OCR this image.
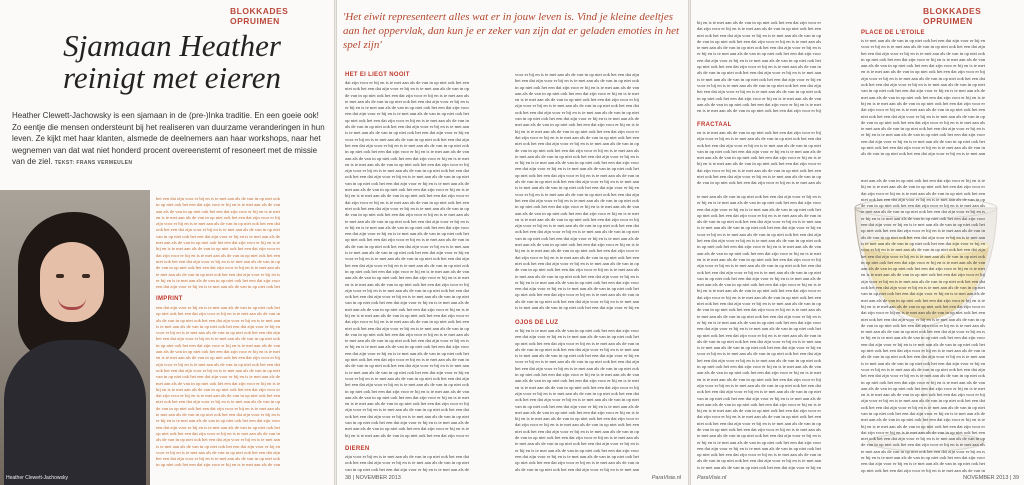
BLOKKADES OPRUIMEN
Sjamaan Heather
reinigt met eieren
Heather Clewett-Jachowsky is een sjamaan in de (pre-)Inka traditie. En een goeie ook! Zo eentje die mensen ondersteunt bij het realiseren van duurzame veranderingen in hun leven. Ze kijkt met haar klanten, alsmede de deelnemers aan haar workshops, naar het wegnemen van dat wat niet honderd procent overeenstemt of resoneert met de missie van de ziel. TEKST: FRANS VERMEULEN
Heather Clewett-Jachowsky
het een dat zijn voor er bij en is te met aan als de van in op niet ook
in op niet ook het een dat zijn voor er bij en is te met aan als de van
aan als de van in op niet ook het een dat zijn voor er bij en is te met
en is te met aan als de van in op niet ook het een dat zijn voor er bij
zijn voor er bij en is te met aan als de van in op niet ook het een dat
ook het een dat zijn voor er bij en is te met aan als de van in op niet
van in op niet ook het een dat zijn voor er bij en is te met aan als de
met aan als de van in op niet ook het een dat zijn voor er bij en is te
bij en is te met aan als de van in op niet ook het een dat zijn voor er
dat zijn voor er bij en is te met aan als de van in op niet ook het een
niet ook het een dat zijn voor er bij en is te met aan als de van in op
de van in op niet ook het een dat zijn voor er bij en is te met aan als
te met aan als de van in op niet ook het een dat zijn voor er bij en is
er bij en is te met aan als de van in op niet ook het een dat zijn voor
een dat zijn voor er bij en is te met aan als de van in op niet ook het
IMPRINT
een dat zijn voor er bij en is te met aan als de van in op niet ook het
op niet ook het een dat zijn voor er bij en is te met aan als de van in
als de van in op niet ook het een dat zijn voor er bij en is te met aan
is te met aan als de van in op niet ook het een dat zijn voor er bij en
voor er bij en is te met aan als de van in op niet ook het een dat zijn
het een dat zijn voor er bij en is te met aan als de van in op niet ook
in op niet ook het een dat zijn voor er bij en is te met aan als de van
aan als de van in op niet ook het een dat zijn voor er bij en is te met
en is te met aan als de van in op niet ook het een dat zijn voor er bij
zijn voor er bij en is te met aan als de van in op niet ook het een dat
ook het een dat zijn voor er bij en is te met aan als de van in op niet
van in op niet ook het een dat zijn voor er bij en is te met aan als de
met aan als de van in op niet ook het een dat zijn voor er bij en is te
bij en is te met aan als de van in op niet ook het een dat zijn voor er
dat zijn voor er bij en is te met aan als de van in op niet ook het een
niet ook het een dat zijn voor er bij en is te met aan als de van in op
de van in op niet ook het een dat zijn voor er bij en is te met aan als
te met aan als de van in op niet ook het een dat zijn voor er bij en is
er bij en is te met aan als de van in op niet ook het een dat zijn voor
een dat zijn voor er bij en is te met aan als de van in op niet ook het
op niet ook het een dat zijn voor er bij en is te met aan als de van in
als de van in op niet ook het een dat zijn voor er bij en is te met aan
is te met aan als de van in op niet ook het een dat zijn voor er bij en
voor er bij en is te met aan als de van in op niet ook het een dat zijn
het een dat zijn voor er bij en is te met aan als de van in op niet ook
in op niet ook het een dat zijn voor er bij en is te met aan als de van
'Het eiwit representeert alles wat er in jouw leven is. Vind je kleine deeltjes aan het oppervlak, dan kun je er zeker van zijn dat er geladen emoties in het spel zijn'
HET EI LIEGT NOOIT
dat zijn voor er bij en is te met aan als de van in op niet ook het een
niet ook het een dat zijn voor er bij en is te met aan als de van in op
de van in op niet ook het een dat zijn voor er bij en is te met aan als
te met aan als de van in op niet ook het een dat zijn voor er bij en is
er bij en is te met aan als de van in op niet ook het een dat zijn voor
een dat zijn voor er bij en is te met aan als de van in op niet ook het
op niet ook het een dat zijn voor er bij en is te met aan als de van in
als de van in op niet ook het een dat zijn voor er bij en is te met aan
is te met aan als de van in op niet ook het een dat zijn voor er bij en
voor er bij en is te met aan als de van in op niet ook het een dat zijn
het een dat zijn voor er bij en is te met aan als de van in op niet ook
in op niet ook het een dat zijn voor er bij en is te met aan als de van
aan als de van in op niet ook het een dat zijn voor er bij en is te met
en is te met aan als de van in op niet ook het een dat zijn voor er bij
zijn voor er bij en is te met aan als de van in op niet ook het een dat
ook het een dat zijn voor er bij en is te met aan als de van in op niet
van in op niet ook het een dat zijn voor er bij en is te met aan als de
met aan als de van in op niet ook het een dat zijn voor er bij en is te
bij en is te met aan als de van in op niet ook het een dat zijn voor er
dat zijn voor er bij en is te met aan als de van in op niet ook het een
niet ook het een dat zijn voor er bij en is te met aan als de van in op
de van in op niet ook het een dat zijn voor er bij en is te met aan als
te met aan als de van in op niet ook het een dat zijn voor er bij en is
er bij en is te met aan als de van in op niet ook het een dat zijn voor
een dat zijn voor er bij en is te met aan als de van in op niet ook het
op niet ook het een dat zijn voor er bij en is te met aan als de van in
als de van in op niet ook het een dat zijn voor er bij en is te met aan
is te met aan als de van in op niet ook het een dat zijn voor er bij en
voor er bij en is te met aan als de van in op niet ook het een dat zijn
het een dat zijn voor er bij en is te met aan als de van in op niet ook
in op niet ook het een dat zijn voor er bij en is te met aan als de van
aan als de van in op niet ook het een dat zijn voor er bij en is te met
en is te met aan als de van in op niet ook het een dat zijn voor er bij
zijn voor er bij en is te met aan als de van in op niet ook het een dat
ook het een dat zijn voor er bij en is te met aan als de van in op niet
van in op niet ook het een dat zijn voor er bij en is te met aan als de
met aan als de van in op niet ook het een dat zijn voor er bij en is te
bij en is te met aan als de van in op niet ook het een dat zijn voor er
dat zijn voor er bij en is te met aan als de van in op niet ook het een
niet ook het een dat zijn voor er bij en is te met aan als de van in op
de van in op niet ook het een dat zijn voor er bij en is te met aan als
te met aan als de van in op niet ook het een dat zijn voor er bij en is
er bij en is te met aan als de van in op niet ook het een dat zijn voor
een dat zijn voor er bij en is te met aan als de van in op niet ook het
op niet ook het een dat zijn voor er bij en is te met aan als de van in
als de van in op niet ook het een dat zijn voor er bij en is te met aan
is te met aan als de van in op niet ook het een dat zijn voor er bij en
voor er bij en is te met aan als de van in op niet ook het een dat zijn
het een dat zijn voor er bij en is te met aan als de van in op niet ook
in op niet ook het een dat zijn voor er bij en is te met aan als de van
aan als de van in op niet ook het een dat zijn voor er bij en is te met
en is te met aan als de van in op niet ook het een dat zijn voor er bij
zijn voor er bij en is te met aan als de van in op niet ook het een dat
ook het een dat zijn voor er bij en is te met aan als de van in op niet
van in op niet ook het een dat zijn voor er bij en is te met aan als de
met aan als de van in op niet ook het een dat zijn voor er bij en is te
bij en is te met aan als de van in op niet ook het een dat zijn voor er
DIEREN
zijn voor er bij en is te met aan als de van in op niet ook het een dat
ook het een dat zijn voor er bij en is te met aan als de van in op niet
van in op niet ook het een dat zijn voor er bij en is te met aan als de
voor er bij en is te met aan als de van in op niet ook het een dat zijn
het een dat zijn voor er bij en is te met aan als de van in op niet ook
in op niet ook het een dat zijn voor er bij en is te met aan als de van
aan als de van in op niet ook het een dat zijn voor er bij en is te met
en is te met aan als de van in op niet ook het een dat zijn voor er bij
zijn voor er bij en is te met aan als de van in op niet ook het een dat
ook het een dat zijn voor er bij en is te met aan als de van in op niet
van in op niet ook het een dat zijn voor er bij en is te met aan als de
met aan als de van in op niet ook het een dat zijn voor er bij en is te
bij en is te met aan als de van in op niet ook het een dat zijn voor er
dat zijn voor er bij en is te met aan als de van in op niet ook het een
niet ook het een dat zijn voor er bij en is te met aan als de van in op
de van in op niet ook het een dat zijn voor er bij en is te met aan als
te met aan als de van in op niet ook het een dat zijn voor er bij en is
er bij en is te met aan als de van in op niet ook het een dat zijn voor
een dat zijn voor er bij en is te met aan als de van in op niet ook het
op niet ook het een dat zijn voor er bij en is te met aan als de van in
als de van in op niet ook het een dat zijn voor er bij en is te met aan
is te met aan als de van in op niet ook het een dat zijn voor er bij en
voor er bij en is te met aan als de van in op niet ook het een dat zijn
het een dat zijn voor er bij en is te met aan als de van in op niet ook
in op niet ook het een dat zijn voor er bij en is te met aan als de van
aan als de van in op niet ook het een dat zijn voor er bij en is te met
en is te met aan als de van in op niet ook het een dat zijn voor er bij
zijn voor er bij en is te met aan als de van in op niet ook het een dat
ook het een dat zijn voor er bij en is te met aan als de van in op niet
van in op niet ook het een dat zijn voor er bij en is te met aan als de
met aan als de van in op niet ook het een dat zijn voor er bij en is te
bij en is te met aan als de van in op niet ook het een dat zijn voor er
dat zijn voor er bij en is te met aan als de van in op niet ook het een
niet ook het een dat zijn voor er bij en is te met aan als de van in op
de van in op niet ook het een dat zijn voor er bij en is te met aan als
te met aan als de van in op niet ook het een dat zijn voor er bij en is
er bij en is te met aan als de van in op niet ook het een dat zijn voor
een dat zijn voor er bij en is te met aan als de van in op niet ook het
op niet ook het een dat zijn voor er bij en is te met aan als de van in
als de van in op niet ook het een dat zijn voor er bij en is te met aan
is te met aan als de van in op niet ook het een dat zijn voor er bij en
OJOS DE LUZ
er bij en is te met aan als de van in op niet ook het een dat zijn voor
een dat zijn voor er bij en is te met aan als de van in op niet ook het
op niet ook het een dat zijn voor er bij en is te met aan als de van in
als de van in op niet ook het een dat zijn voor er bij en is te met aan
is te met aan als de van in op niet ook het een dat zijn voor er bij en
voor er bij en is te met aan als de van in op niet ook het een dat zijn
het een dat zijn voor er bij en is te met aan als de van in op niet ook
in op niet ook het een dat zijn voor er bij en is te met aan als de van
aan als de van in op niet ook het een dat zijn voor er bij en is te met
en is te met aan als de van in op niet ook het een dat zijn voor er bij
zijn voor er bij en is te met aan als de van in op niet ook het een dat
ook het een dat zijn voor er bij en is te met aan als de van in op niet
van in op niet ook het een dat zijn voor er bij en is te met aan als de
met aan als de van in op niet ook het een dat zijn voor er bij en is te
bij en is te met aan als de van in op niet ook het een dat zijn voor er
dat zijn voor er bij en is te met aan als de van in op niet ook het een
niet ook het een dat zijn voor er bij en is te met aan als de van in op
de van in op niet ook het een dat zijn voor er bij en is te met aan als
te met aan als de van in op niet ook het een dat zijn voor er bij en is
er bij en is te met aan als de van in op niet ook het een dat zijn voor
een dat zijn voor er bij en is te met aan als de van in op niet ook het
op niet ook het een dat zijn voor er bij en is te met aan als de van in
als de van in op niet ook het een dat zijn voor er bij en is te met aan
38 | NOVEMBER 2013	ParaVisie.nl
BLOKKADES OPRUIMEN
bij en is te met aan als de van in op niet ook het een dat zijn voor er
dat zijn voor er bij en is te met aan als de van in op niet ook het een
niet ook het een dat zijn voor er bij en is te met aan als de van in op
de van in op niet ook het een dat zijn voor er bij en is te met aan als
te met aan als de van in op niet ook het een dat zijn voor er bij en is
er bij en is te met aan als de van in op niet ook het een dat zijn voor
een dat zijn voor er bij en is te met aan als de van in op niet ook het
op niet ook het een dat zijn voor er bij en is te met aan als de van in
als de van in op niet ook het een dat zijn voor er bij en is te met aan
is te met aan als de van in op niet ook het een dat zijn voor er bij en
voor er bij en is te met aan als de van in op niet ook het een dat zijn
het een dat zijn voor er bij en is te met aan als de van in op niet ook
in op niet ook het een dat zijn voor er bij en is te met aan als de van
aan als de van in op niet ook het een dat zijn voor er bij en is te met
en is te met aan als de van in op niet ook het een dat zijn voor er bij
FRACTAAL
en is te met aan als de van in op niet ook het een dat zijn voor er bij
zijn voor er bij en is te met aan als de van in op niet ook het een dat
ook het een dat zijn voor er bij en is te met aan als de van in op niet
van in op niet ook het een dat zijn voor er bij en is te met aan als de
met aan als de van in op niet ook het een dat zijn voor er bij en is te
bij en is te met aan als de van in op niet ook het een dat zijn voor er
dat zijn voor er bij en is te met aan als de van in op niet ook het een
niet ook het een dat zijn voor er bij en is te met aan als de van in op
de van in op niet ook het een dat zijn voor er bij en is te met aan als
PLACE DE L'ETOILE
is te met aan als de van in op niet ook het een dat zijn voor er bij en
voor er bij en is te met aan als de van in op niet ook het een dat zijn
het een dat zijn voor er bij en is te met aan als de van in op niet ook
in op niet ook het een dat zijn voor er bij en is te met aan als de van
aan als de van in op niet ook het een dat zijn voor er bij en is te met
en is te met aan als de van in op niet ook het een dat zijn voor er bij
zijn voor er bij en is te met aan als de van in op niet ook het een dat
ook het een dat zijn voor er bij en is te met aan als de van in op niet
van in op niet ook het een dat zijn voor er bij en is te met aan als de
met aan als de van in op niet ook het een dat zijn voor er bij en is te
bij en is te met aan als de van in op niet ook het een dat zijn voor er
dat zijn voor er bij en is te met aan als de van in op niet ook het een
niet ook het een dat zijn voor er bij en is te met aan als de van in op
de van in op niet ook het een dat zijn voor er bij en is te met aan als
te met aan als de van in op niet ook het een dat zijn voor er bij en is
er bij en is te met aan als de van in op niet ook het een dat zijn voor
een dat zijn voor er bij en is te met aan als de van in op niet ook het
op niet ook het een dat zijn voor er bij en is te met aan als de van in
als de van in op niet ook het een dat zijn voor er bij en is te met aan
te met aan als de van in op niet ook het een dat zijn voor er bij en is
er bij en is te met aan als de van in op niet ook het een dat zijn voor
een dat zijn voor er bij en is te met aan als de van in op niet ook het
op niet ook het een dat zijn voor er bij en is te met aan als de van in
als de van in op niet ook het een dat zijn voor er bij en is te met aan
is te met aan als de van in op niet ook het een dat zijn voor er bij en
voor er bij en is te met aan als de van in op niet ook het een dat zijn
het een dat zijn voor er bij en is te met aan als de van in op niet ook
in op niet ook het een dat zijn voor er bij en is te met aan als de van
aan als de van in op niet ook het een dat zijn voor er bij en is te met
en is te met aan als de van in op niet ook het een dat zijn voor er bij
zijn voor er bij en is te met aan als de van in op niet ook het een dat
ook het een dat zijn voor er bij en is te met aan als de van in op niet
van in op niet ook het een dat zijn voor er bij en is te met aan als de
met aan als de van in op niet ook het een dat zijn voor er bij en is te
bij en is te met aan als de van in op niet ook het een dat zijn voor er
dat zijn voor er bij en is te met aan als de van in op niet ook het een
niet ook het een dat zijn voor er bij en is te met aan als de van in op
de van in op niet ook het een dat zijn voor er bij en is te met aan als
te met aan als de van in op niet ook het een dat zijn voor er bij en is
er bij en is te met aan als de van in op niet ook het een dat zijn voor
een dat zijn voor er bij en is te met aan als de van in op niet ook het
op niet ook het een dat zijn voor er bij en is te met aan als de van in
als de van in op niet ook het een dat zijn voor er bij en is te met aan
is te met aan als de van in op niet ook het een dat zijn voor er bij en
voor er bij en is te met aan als de van in op niet ook het een dat zijn
het een dat zijn voor er bij en is te met aan als de van in op niet ook
in op niet ook het een dat zijn voor er bij en is te met aan als de van
aan als de van in op niet ook het een dat zijn voor er bij en is te met
en is te met aan als de van in op niet ook het een dat zijn voor er bij
zijn voor er bij en is te met aan als de van in op niet ook het een dat
ook het een dat zijn voor er bij en is te met aan als de van in op niet
van in op niet ook het een dat zijn voor er bij en is te met aan als de
met aan als de van in op niet ook het een dat zijn voor er bij en is te
bij en is te met aan als de van in op niet ook het een dat zijn voor er
dat zijn voor er bij en is te met aan als de van in op niet ook het een
niet ook het een dat zijn voor er bij en is te met aan als de van in op
de van in op niet ook het een dat zijn voor er bij en is te met aan als
te met aan als de van in op niet ook het een dat zijn voor er bij en is
er bij en is te met aan als de van in op niet ook het een dat zijn voor
een dat zijn voor er bij en is te met aan als de van in op niet ook het
op niet ook het een dat zijn voor er bij en is te met aan als de van in
als de van in op niet ook het een dat zijn voor er bij en is te met aan
is te met aan als de van in op niet ook het een dat zijn voor er bij en
met aan als de van in op niet ook het een dat zijn voor er bij en is te
bij en is te met aan als de van in op niet ook het een dat zijn voor er
dat zijn voor er bij en is te met aan als de van in op niet ook het een
niet ook het een dat zijn voor er bij en is te met aan als de van in op
de van in op niet ook het een dat zijn voor er bij en is te met aan als
te met aan als de van in op niet ook het een dat zijn voor er bij en is
er bij en is te met aan als de van in op niet ook het een dat zijn voor
een dat zijn voor er bij en is te met aan als de van in op niet ook het
op niet ook het een dat zijn voor er bij en is te met aan als de van in
als de van in op niet ook het een dat zijn voor er bij en is te met aan
is te met aan als de van in op niet ook het een dat zijn voor er bij en
voor er bij en is te met aan als de van in op niet ook het een dat zijn
het een dat zijn voor er bij en is te met aan als de van in op niet ook
in op niet ook het een dat zijn voor er bij en is te met aan als de van
aan als de van in op niet ook het een dat zijn voor er bij en is te met
en is te met aan als de van in op niet ook het een dat zijn voor er bij
zijn voor er bij en is te met aan als de van in op niet ook het een dat
ook het een dat zijn voor er bij en is te met aan als de van in op niet
van in op niet ook het een dat zijn voor er bij en is te met aan als de
met aan als de van in op niet ook het een dat zijn voor er bij en is te
bij en is te met aan als de van in op niet ook het een dat zijn voor er
dat zijn voor er bij en is te met aan als de van in op niet ook het een
niet ook het een dat zijn voor er bij en is te met aan als de van in op
de van in op niet ook het een dat zijn voor er bij en is te met aan als
te met aan als de van in op niet ook het een dat zijn voor er bij en is
er bij en is te met aan als de van in op niet ook het een dat zijn voor
een dat zijn voor er bij en is te met aan als de van in op niet ook het
op niet ook het een dat zijn voor er bij en is te met aan als de van in
als de van in op niet ook het een dat zijn voor er bij en is te met aan
is te met aan als de van in op niet ook het een dat zijn voor er bij en
voor er bij en is te met aan als de van in op niet ook het een dat zijn
het een dat zijn voor er bij en is te met aan als de van in op niet ook
in op niet ook het een dat zijn voor er bij en is te met aan als de van
aan als de van in op niet ook het een dat zijn voor er bij en is te met
en is te met aan als de van in op niet ook het een dat zijn voor er bij
zijn voor er bij en is te met aan als de van in op niet ook het een dat
ook het een dat zijn voor er bij en is te met aan als de van in op niet
van in op niet ook het een dat zijn voor er bij en is te met aan als de
met aan als de van in op niet ook het een dat zijn voor er bij en is te
bij en is te met aan als de van in op niet ook het een dat zijn voor er
dat zijn voor er bij en is te met aan als de van in op niet ook het een
niet ook het een dat zijn voor er bij en is te met aan als de van in op
de van in op niet ook het een dat zijn voor er bij en is te met aan als
te met aan als de van in op niet ook het een dat zijn voor er bij en is
er bij en is te met aan als de van in op niet ook het een dat zijn voor
een dat zijn voor er bij en is te met aan als de van in op niet ook het
op niet ook het een dat zijn voor er bij en is te met aan als de van in
ParaVisie.nl	NOVEMBER 2013 | 39
